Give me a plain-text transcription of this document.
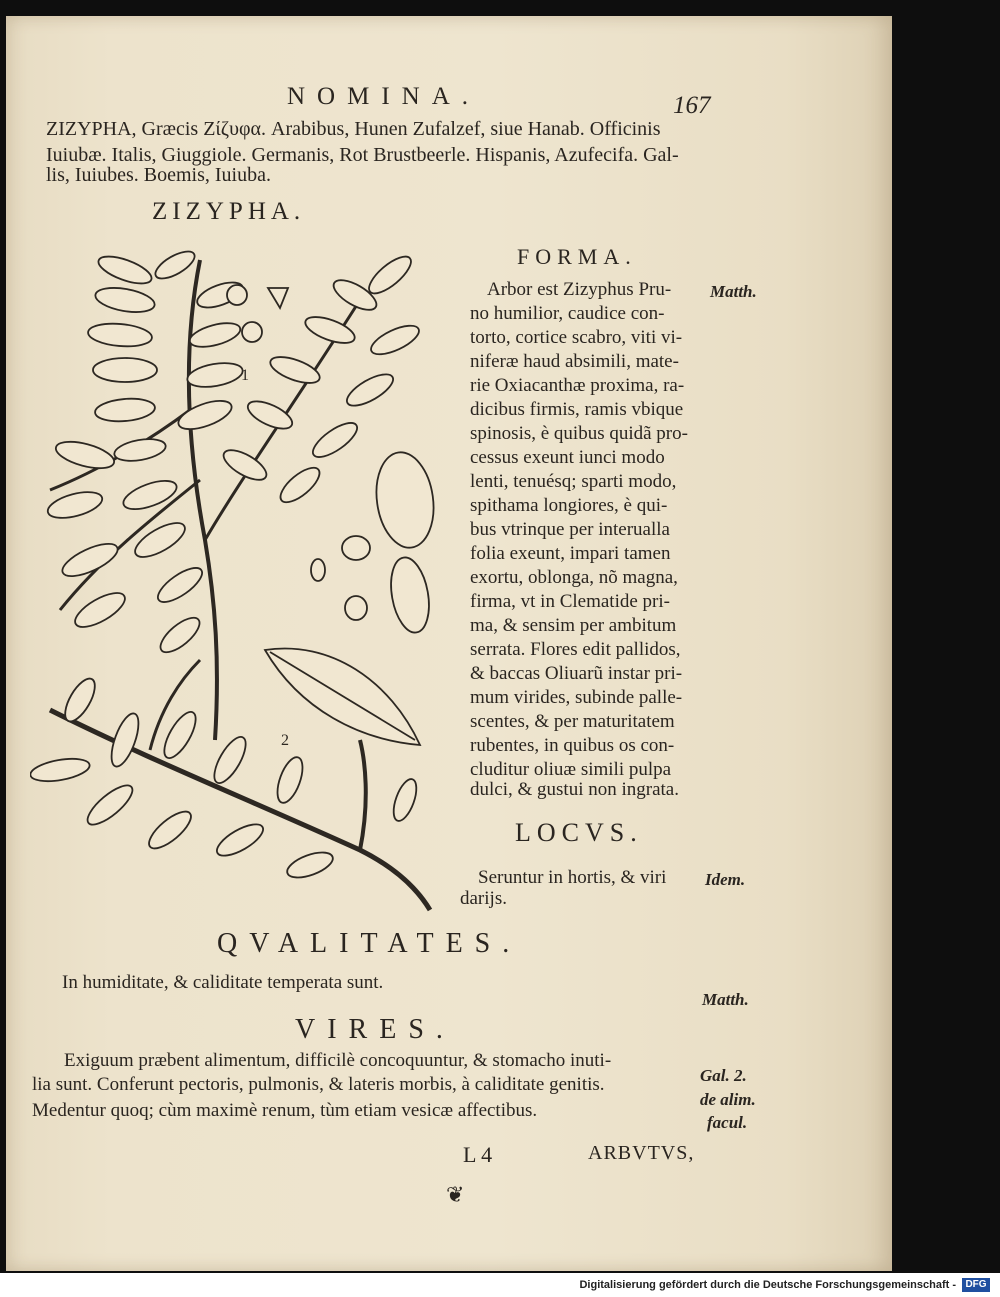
NOMINA.	167
ZIZYPHA, Græcis Ζίζυφα. Arabibus, Hunen Zufalzef, siue Hanab. Officinis
Iuiubæ. Italis, Giuggiole. Germanis, Rot Brustbeerle. Hispanis, Azufecifa. Gal-
lis, Iuiubes. Boemis, Iuiuba.
ZIZYPHA.
1
2
FORMA.
Matth.
Arbor est Zizyphus Pru-
no humilior, caudice con-
torto, cortice scabro, viti vi-
niferæ haud absimili, mate-
rie Oxiacanthæ proxima, ra-
dicibus firmis, ramis vbique
spinosis, è quibus quidã pro-
cessus exeunt iunci modo
lenti, tenuésq; sparti modo,
spithama longiores, è qui-
bus vtrinque per interualla
folia exeunt, impari tamen
exortu, oblonga, nõ magna,
firma, vt in Clematide pri-
ma, & sensim per ambitum
serrata. Flores edit pallidos,
& baccas Oliuarũ instar pri-
mum virides, subinde palle-
scentes, & per maturitatem
rubentes, in quibus os con-
cluditur oliuæ simili pulpa
dulci, & gustui non ingrata.
LOCVS.
Seruntur in hortis, & viri
darijs.
Idem.
QVALITATES.
In humiditate, & caliditate temperata sunt.
Matth.
VIRES.
Exiguum præbent alimentum, difficilè concoquuntur, & stomacho inuti-
lia sunt. Conferunt pectoris, pulmonis, & lateris morbis, à caliditate genitis.
Medentur quoq; cùm maximè renum, tùm etiam vesicæ affectibus.
Gal. 2.
de alim.
facul.
L 4	ARBVTVS,
❦
Digitalisierung gefördert durch die Deutsche Forschungsgemeinschaft - DFG
